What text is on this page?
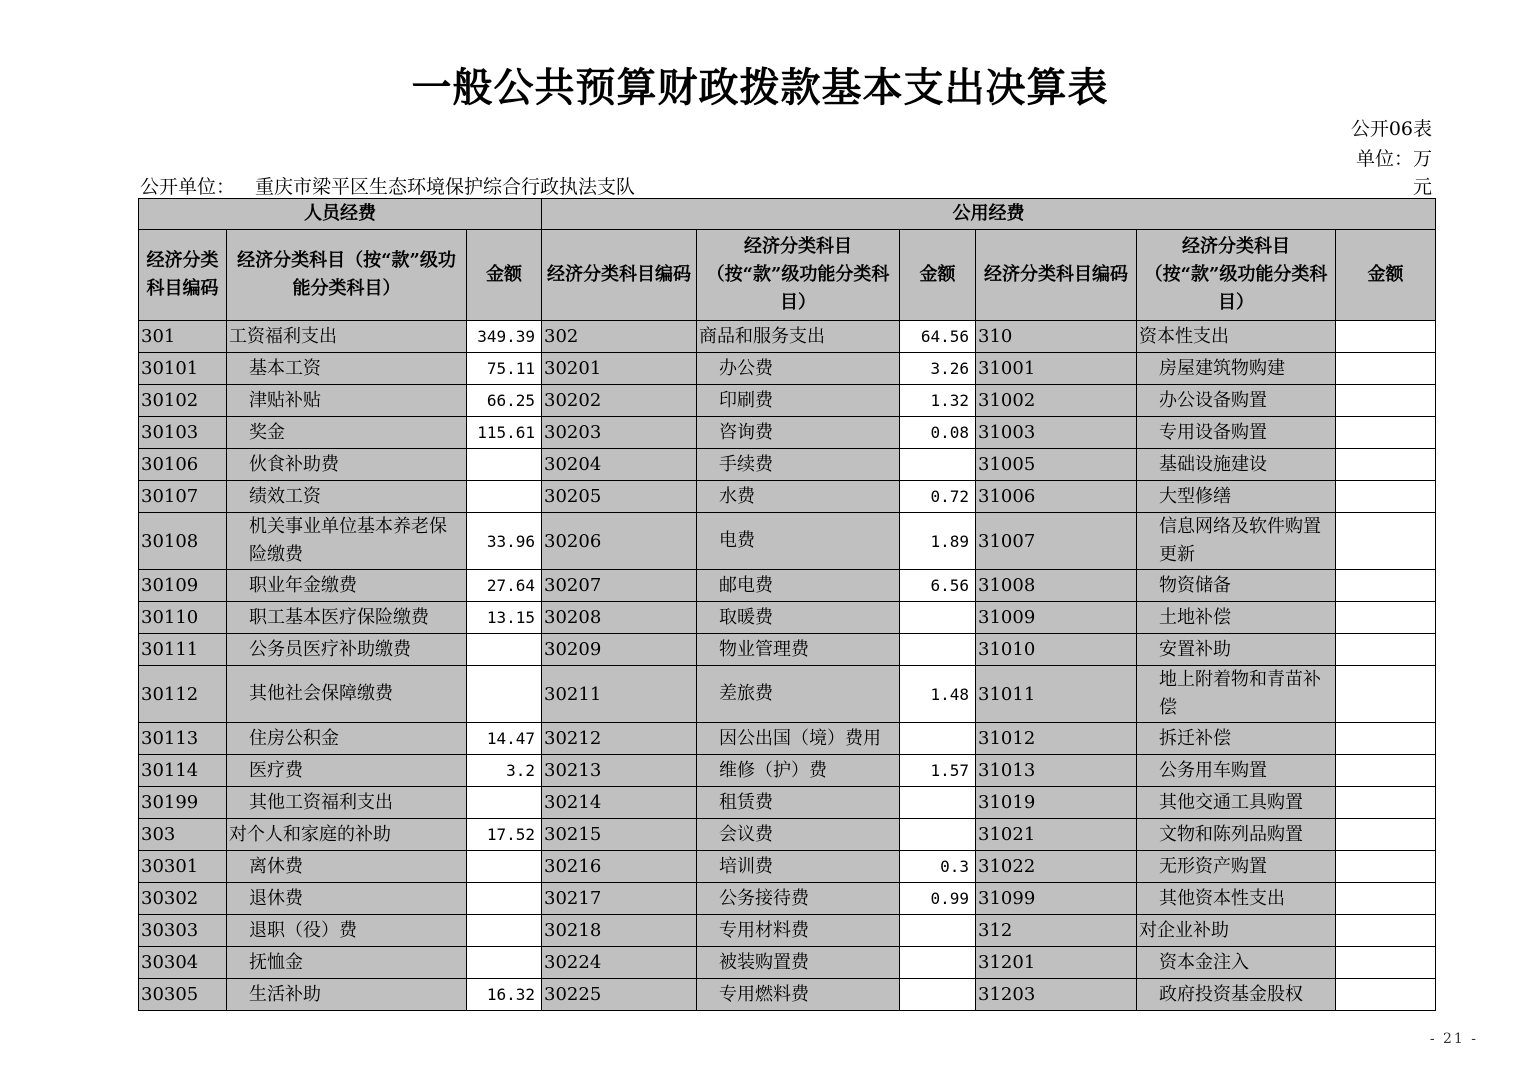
一般公共预算财政拨款基本支出决算表
公开06表
单位：万
元
公开单位： 重庆市梁平区生态环境保护综合行政执法支队
人员经费			公用经费					
经济分类科目编码	经济分类科目（按“款”级功能分类科目）	金额	经济分类科目编码	经济分类科目（按“款”级功能分类科目）	金额	经济分类科目编码	经济分类科目（按“款”级功能分类科目）	金额
301	工资福利支出	349.39	302	商品和服务支出	64.56	310	资本性支出	
30101	基本工资	75.11	30201	办公费	3.26	31001	房屋建筑物购建	
30102	津贴补贴	66.25	30202	印刷费	1.32	31002	办公设备购置	
30103	奖金	115.61	30203	咨询费	0.08	31003	专用设备购置	
30106	伙食补助费		30204	手续费		31005	基础设施建设	
30107	绩效工资		30205	水费	0.72	31006	大型修缮	
30108	机关事业单位基本养老保险缴费	33.96	30206	电费	1.89	31007	信息网络及软件购置更新	
30109	职业年金缴费	27.64	30207	邮电费	6.56	31008	物资储备	
30110	职工基本医疗保险缴费	13.15	30208	取暖费		31009	土地补偿	
30111	公务员医疗补助缴费		30209	物业管理费		31010	安置补助	
30112	其他社会保障缴费		30211	差旅费	1.48	31011	地上附着物和青苗补偿	
30113	住房公积金	14.47	30212	因公出国（境）费用		31012	拆迁补偿	
30114	医疗费	3.2	30213	维修（护）费	1.57	31013	公务用车购置	
30199	其他工资福利支出		30214	租赁费		31019	其他交通工具购置	
303	对个人和家庭的补助	17.52	30215	会议费		31021	文物和陈列品购置	
30301	离休费		30216	培训费	0.3	31022	无形资产购置	
30302	退休费		30217	公务接待费	0.99	31099	其他资本性支出	
30303	退职（役）费		30218	专用材料费		312	对企业补助	
30304	抚恤金		30224	被装购置费		31201	资本金注入	
30305	生活补助	16.32	30225	专用燃料费		31203	政府投资基金股权	
- 21 -
